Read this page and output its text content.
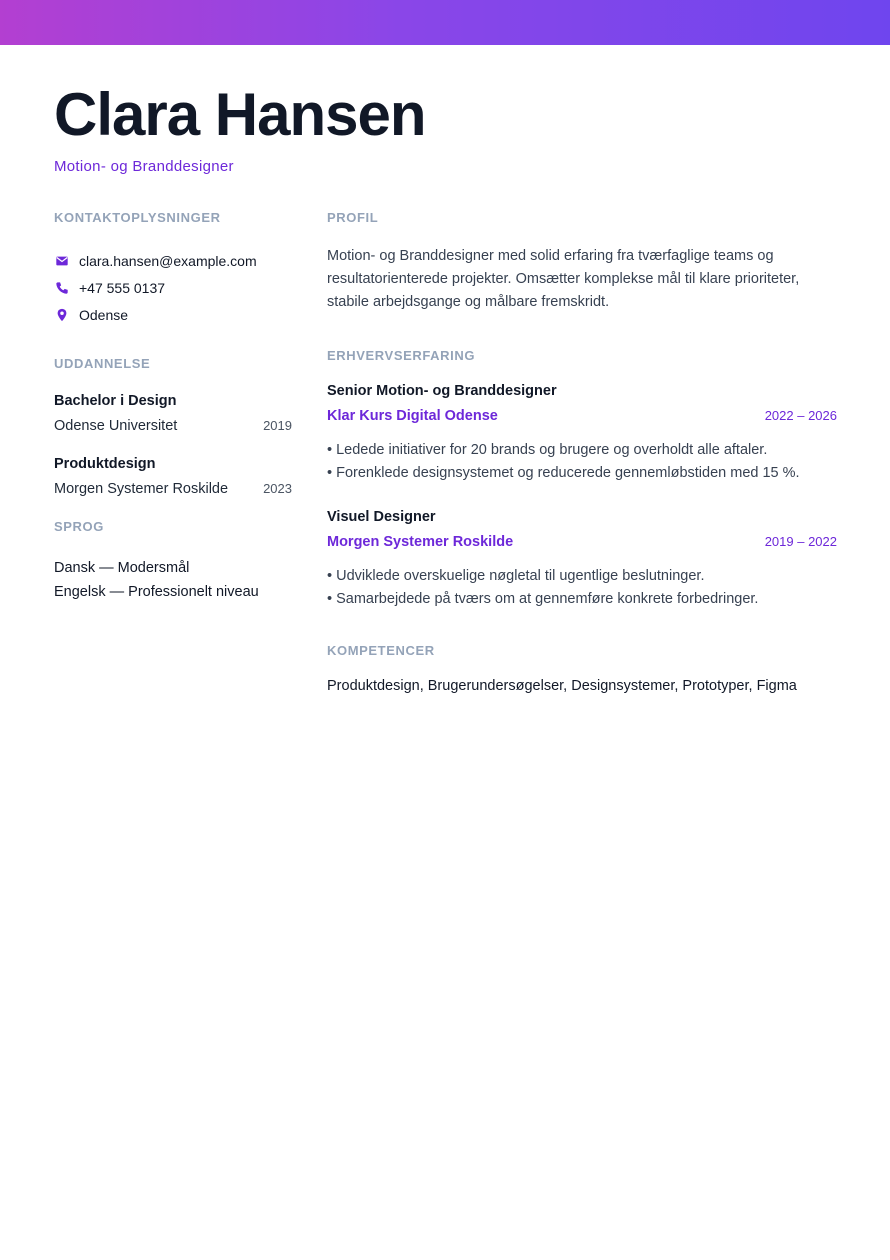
Clara Hansen
Motion- og Branddesigner
KONTAKTOPLYSNINGER
clara.hansen@example.com
+47 555 0137
Odense
UDDANNELSE
Bachelor i Design
Odense Universitet	2019
Produktdesign
Morgen Systemer Roskilde	2023
SPROG
Dansk — Modersmål
Engelsk — Professionelt niveau
PROFIL

Motion- og Branddesigner med solid erfaring fra tværfaglige teams og resultatorienterede projekter. Omsætter komplekse mål til klare prioriteter, stabile arbejdsgange og målbare fremskridt.

ERHVERVSERFARING
Senior Motion- og Branddesigner
Klar Kurs Digital Odense	2022 – 2026
• Ledede initiativer for 20 brands og brugere og overholdt alle aftaler.
• Forenklede designsystemet og reducerede gennemløbstiden med 15 %.
Visuel Designer
Morgen Systemer Roskilde	2019 – 2022
• Udviklede overskuelige nøgletal til ugentlige beslutninger.
• Samarbejdede på tværs om at gennemføre konkrete forbedringer.
KOMPETENCER
Produktdesign, Brugerundersøgelser, Designsystemer, Prototyper, Figma
